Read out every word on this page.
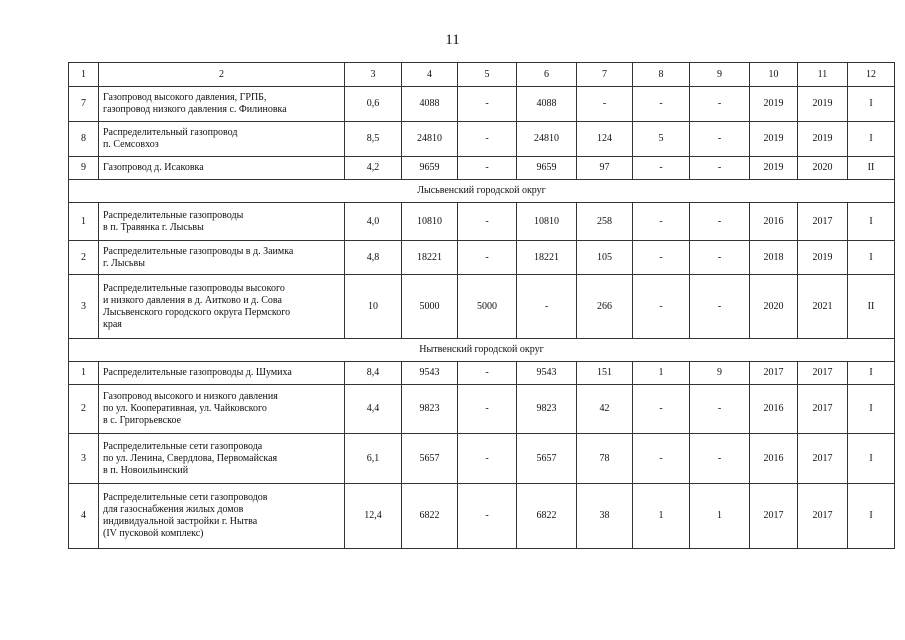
11
1	2	3	4	5	6	7	8	9	10	11	12
7	Газопровод высокого давления, ГРПБ,
газопровод низкого давления с. Филиновка	0,6	4088	-	4088	-	-	-	2019	2019	I
8	Распределительный газопровод
п. Семсовхоз	8,5	24810	-	24810	124	5	-	2019	2019	I
9	Газопровод д. Исаковка	4,2	9659	-	9659	97	-	-	2019	2020	II
Лысьвенский городской округ											
1	Распределительные газопроводы
в п. Травянка г. Лысьвы	4,0	10810	-	10810	258	-	-	2016	2017	I
2	Распределительные газопроводы в д. Заимка
г. Лысьвы	4,8	18221	-	18221	105	-	-	2018	2019	I
3	Распределительные газопроводы высокого
и низкого давления в д. Аитково и д. Сова
Лысьвенского городского округа Пермского
края	10	5000	5000	-	266	-	-	2020	2021	II
Нытвенский городской округ											
1	Распределительные газопроводы д. Шумиха	8,4	9543	-	9543	151	1	9	2017	2017	I
2	Газопровод высокого и низкого давления
по ул. Кооперативная, ул. Чайковского
в с. Григорьевское	4,4	9823	-	9823	42	-	-	2016	2017	I
3	Распределительные сети газопровода
по ул. Ленина, Свердлова, Первомайская
в п. Новоильинский	6,1	5657	-	5657	78	-	-	2016	2017	I
4	Распределительные сети газопроводов
для газоснабжения жилых домов
индивидуальной застройки г. Нытва
(IV пусковой комплекс)	12,4	6822	-	6822	38	1	1	2017	2017	I
